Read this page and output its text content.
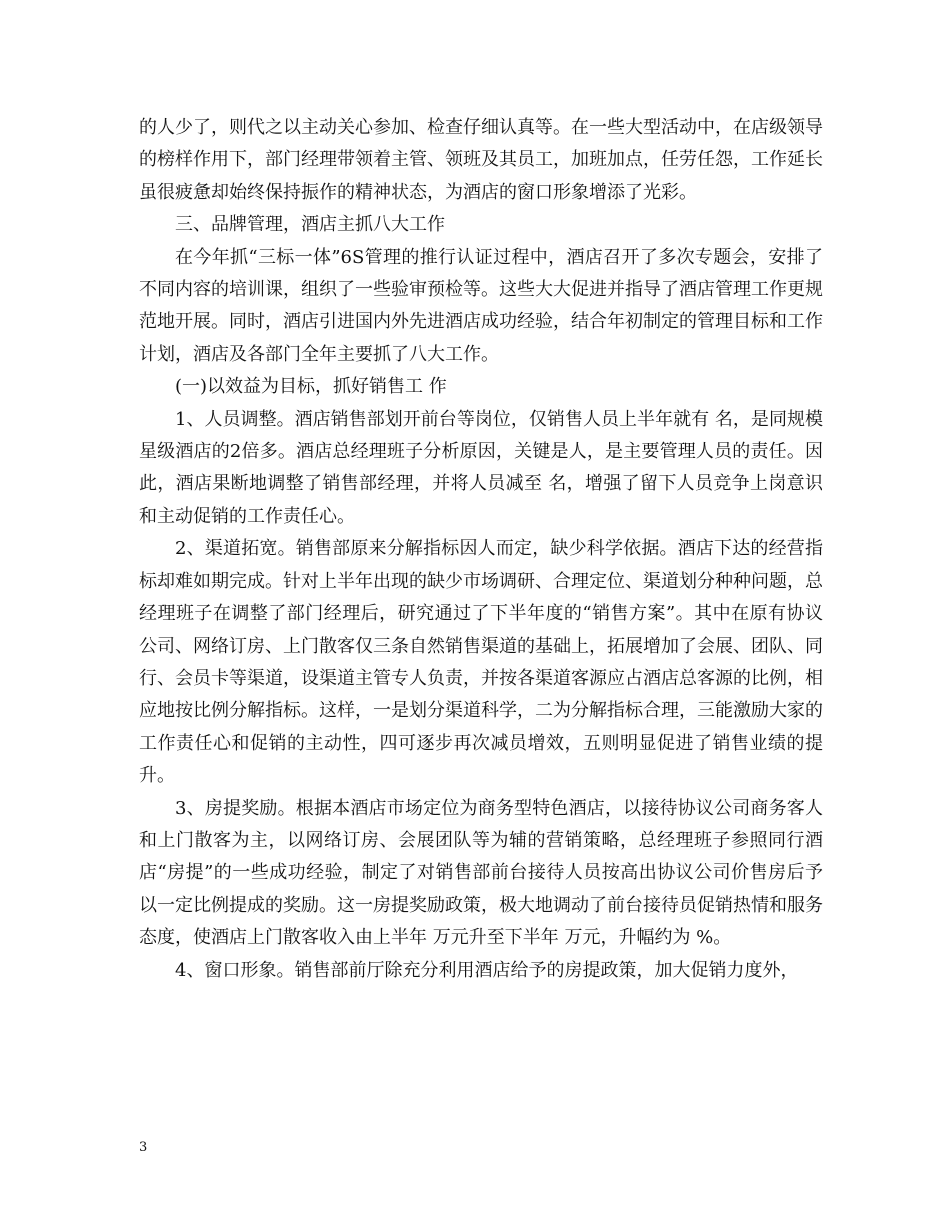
的人少了，则代之以主动关心参加、检查仔细认真等。在一些大型活动中，在店级领导的榜样作用下，部门经理带领着主管、领班及其员工，加班加点，任劳任怨，工作延长虽很疲惫却始终保持振作的精神状态，为酒店的窗口形象增添了光彩。

三、品牌管理，酒店主抓八大工作

在今年抓“三标一体”6S管理的推行认证过程中，酒店召开了多次专题会，安排了不同内容的培训课，组织了一些验审预检等。这些大大促进并指导了酒店管理工作更规范地开展。同时，酒店引进国内外先进酒店成功经验，结合年初制定的管理目标和工作计划，酒店及各部门全年主要抓了八大工作。

(一)以效益为目标，抓好销售工 作

1、人员调整。酒店销售部划开前台等岗位，仅销售人员上半年就有 名，是同规模星级酒店的2倍多。酒店总经理班子分析原因，关键是人，是主要管理人员的责任。因此，酒店果断地调整了销售部经理，并将人员减至 名，增强了留下人员竞争上岗意识和主动促销的工作责任心。

2、渠道拓宽。销售部原来分解指标因人而定，缺少科学依据。酒店下达的经营指标却难如期完成。针对上半年出现的缺少市场调研、合理定位、渠道划分种种问题，总经理班子在调整了部门经理后，研究通过了下半年度的“销售方案”。其中在原有协议公司、网络订房、上门散客仅三条自然销售渠道的基础上，拓展增加了会展、团队、同行、会员卡等渠道，设渠道主管专人负责，并按各渠道客源应占酒店总客源的比例，相应地按比例分解指标。这样，一是划分渠道科学，二为分解指标合理，三能激励大家的工作责任心和促销的主动性，四可逐步再次减员增效，五则明显促进了销售业绩的提升。

3、房提奖励。根据本酒店市场定位为商务型特色酒店，以接待协议公司商务客人和上门散客为主，以网络订房、会展团队等为辅的营销策略，总经理班子参照同行酒店“房提”的一些成功经验，制定了对销售部前台接待人员按高出协议公司价售房后予以一定比例提成的奖励。这一房提奖励政策，极大地调动了前台接待员促销热情和服务态度，使酒店上门散客收入由上半年 万元升至下半年 万元，升幅约为 %。

4、窗口形象。销售部前厅除充分利用酒店给予的房提政策，加大促销力度外，

3
